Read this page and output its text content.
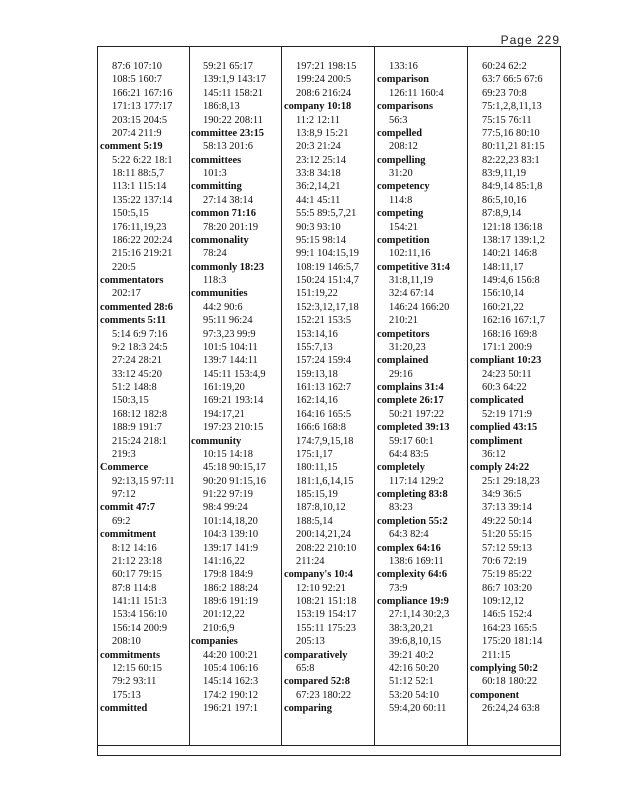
Page 229
87:6 107:10
108:5 160:7
166:21 167:16
171:13 177:17
203:15 204:5
207:4 211:9
comment 5:19
5:22 6:22 18:1
18:11 88:5,7
113:1 115:14
135:22 137:14
150:5,15
176:11,19,23
186:22 202:24
215:16 219:21
220:5
commentators
202:17
commented 28:6
comments 5:11
5:14 6:9 7:16
9:2 18:3 24:5
27:24 28:21
33:12 45:20
51:2 148:8
150:3,15
168:12 182:8
188:9 191:7
215:24 218:1
219:3
Commerce
92:13,15 97:11
97:12
commit 47:7
69:2
commitment
8:12 14:16
21:12 23:18
60:17 79:15
87:8 114:8
141:11 151:3
153:4 156:10
156:14 200:9
208:10
commitments
12:15 60:15
79:2 93:11
175:13
committed
59:21 65:17
139:1,9 143:17
145:11 158:21
186:8,13
190:22 208:11
committee 23:15
58:13 201:6
committees
101:3
committing
27:14 38:14
common 71:16
78:20 201:19
commonality
78:24
commonly 18:23
118:3
communities
44:2 90:6
95:11 96:24
97:3,23 99:9
101:5 104:11
139:7 144:11
145:11 153:4,9
161:19,20
169:21 193:14
194:17,21
197:23 210:15
community
10:15 14:18
45:18 90:15,17
90:20 91:15,16
91:22 97:19
98:4 99:24
101:14,18,20
104:3 139:10
139:17 141:9
141:16,22
179:8 184:9
186:2 188:24
189:6 191:19
201:12,22
210:6,9
companies
44:20 100:21
105:4 106:16
145:14 162:3
174:2 190:12
196:21 197:1
197:21 198:15
199:24 200:5
208:6 216:24
company 10:18
11:2 12:11
13:8,9 15:21
20:3 21:24
23:12 25:14
33:8 34:18
36:2,14,21
44:1 45:11
55:5 89:5,7,21
90:3 93:10
95:15 98:14
99:1 104:15,19
108:19 146:5,7
150:24 151:4,7
151:19,22
152:3,12,17,18
152:21 153:5
153:14,16
155:7,13
157:24 159:4
159:13,18
161:13 162:7
162:14,16
164:16 165:5
166:6 168:8
174:7,9,15,18
175:1,17
180:11,15
181:1,6,14,15
185:15,19
187:8,10,12
188:5,14
200:14,21,24
208:22 210:10
211:24
company's 10:4
12:10 92:21
108:21 151:18
153:19 154:17
155:11 175:23
205:13
comparatively
65:8
compared 52:8
67:23 180:22
comparing
133:16
comparison
126:11 160:4
comparisons
56:3
compelled
208:12
compelling
31:20
competency
114:8
competing
154:21
competition
102:11,16
competitive 31:4
31:8,11,19
32:4 67:14
146:24 166:20
210:21
competitors
31:20,23
complained
29:16
complains 31:4
complete 26:17
50:21 197:22
completed 39:13
59:17 60:1
64:4 83:5
completely
117:14 129:2
completing 83:8
83:23
completion 55:2
64:3 82:4
complex 64:16
138:6 169:11
complexity 64:6
73:9
compliance 19:9
27:1,14 30:2,3
38:3,20,21
39:6,8,10,15
39:21 40:2
42:16 50:20
51:12 52:1
53:20 54:10
59:4,20 60:11
60:24 62:2
63:7 66:5 67:6
69:23 70:8
75:1,2,8,11,13
75:15 76:11
77:5,16 80:10
80:11,21 81:15
82:22,23 83:1
83:9,11,19
84:9,14 85:1,8
86:5,10,16
87:8,9,14
121:18 136:18
138:17 139:1,2
140:21 146:8
148:11,17
149:4,6 156:8
156:10,14
160:21,22
162:16 167:1,7
168:16 169:8
171:1 200:9
compliant 10:23
24:23 50:11
60:3 64:22
complicated
52:19 171:9
complied 43:15
compliment
36:12
comply 24:22
25:1 29:18,23
34:9 36:5
37:13 39:14
49:22 50:14
51:20 55:15
57:12 59:13
70:6 72:19
75:19 85:22
86:7 103:20
109:12,12
146:5 152:4
164:23 165:5
175:20 181:14
211:15
complying 50:2
60:18 180:22
component
26:24,24 63:8
